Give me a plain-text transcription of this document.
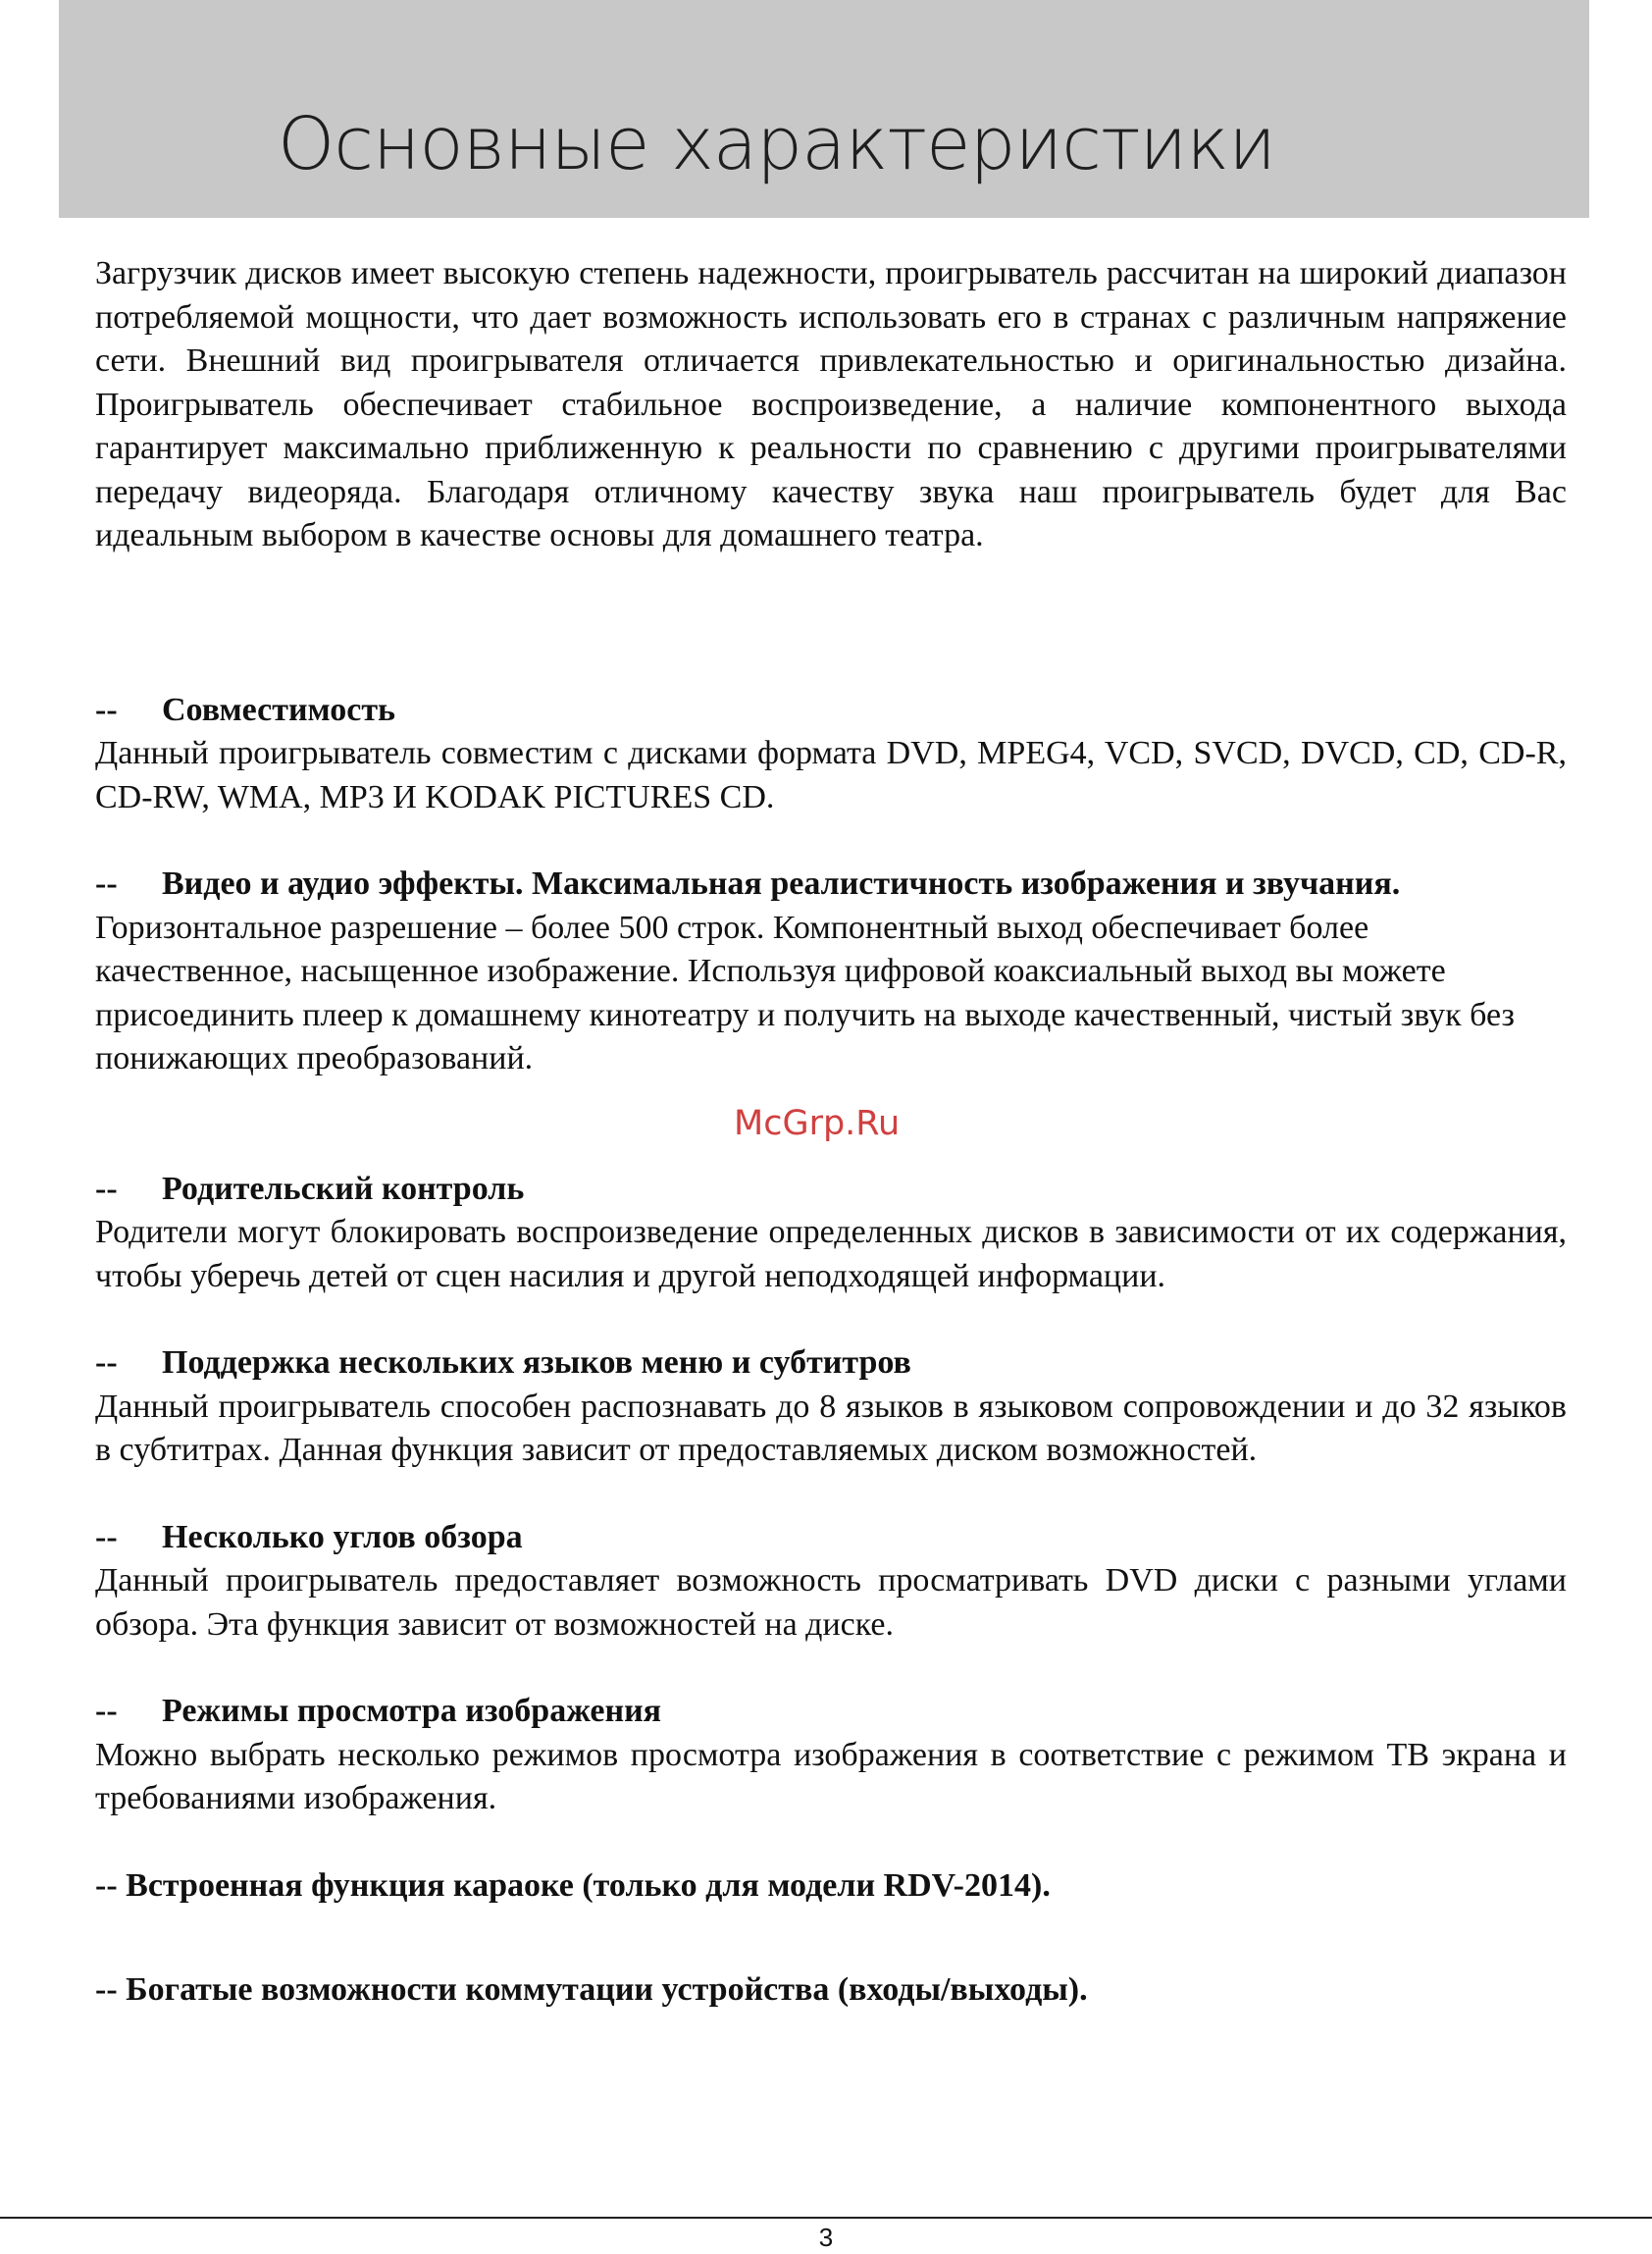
Основные характеристики

Загрузчик дисков имеет высокую степень надежности, проигрыватель рассчитан на широкий диапазон потребляемой мощности, что дает возможность использовать его в странах с различным напряжение сети. Внешний вид проигрывателя отличается привлекательностью и оригинальностью дизайна. Проигрыватель обеспечивает стабильное воспроизведение, а наличие компонентного выхода гарантирует максимально приближенную к реальности по сравнению с другими проигрывателями передачу видеоряда. Благодаря отличному качеству звука наш проигрыватель будет для Вас идеальным выбором в качестве основы для домашнего театра.

--	Совместимость

Данный проигрыватель совместим с дисками формата DVD, MPEG4, VCD, SVCD, DVCD, CD, CD-R, CD-RW, WMA, MP3 И KODAK PICTURES CD.

--	Видео и аудио эффекты. Максимальная реалистичность изображения и звучания.

Горизонтальное разрешение – более 500 строк. Компонентный выход обеспечивает более качественное, насыщенное изображение. Используя цифровой коаксиальный выход вы можете присоединить плеер к домашнему кинотеатру и получить на выходе качественный, чистый звук без понижающих преобразований.

--	Родительский контроль

Родители могут блокировать воспроизведение определенных дисков в зависимости от их содержания, чтобы уберечь детей от сцен насилия и другой неподходящей информации.

--	Поддержка нескольких языков меню и субтитров

Данный проигрыватель способен распознавать до 8 языков в языковом сопровождении и до 32 языков в субтитрах. Данная функция зависит от предоставляемых диском возможностей.

--	Несколько углов обзора

Данный проигрыватель предоставляет возможность просматривать DVD диски с разными углами обзора. Эта функция зависит от возможностей на диске.

--	Режимы просмотра изображения

Можно выбрать несколько режимов просмотра изображения в соответствие с режимом ТВ экрана и требованиями изображения.

-- Встроенная функция караоке (только для модели RDV-2014).
-- Богатые возможности коммутации устройства (входы/выходы).
McGrp.Ru
3
